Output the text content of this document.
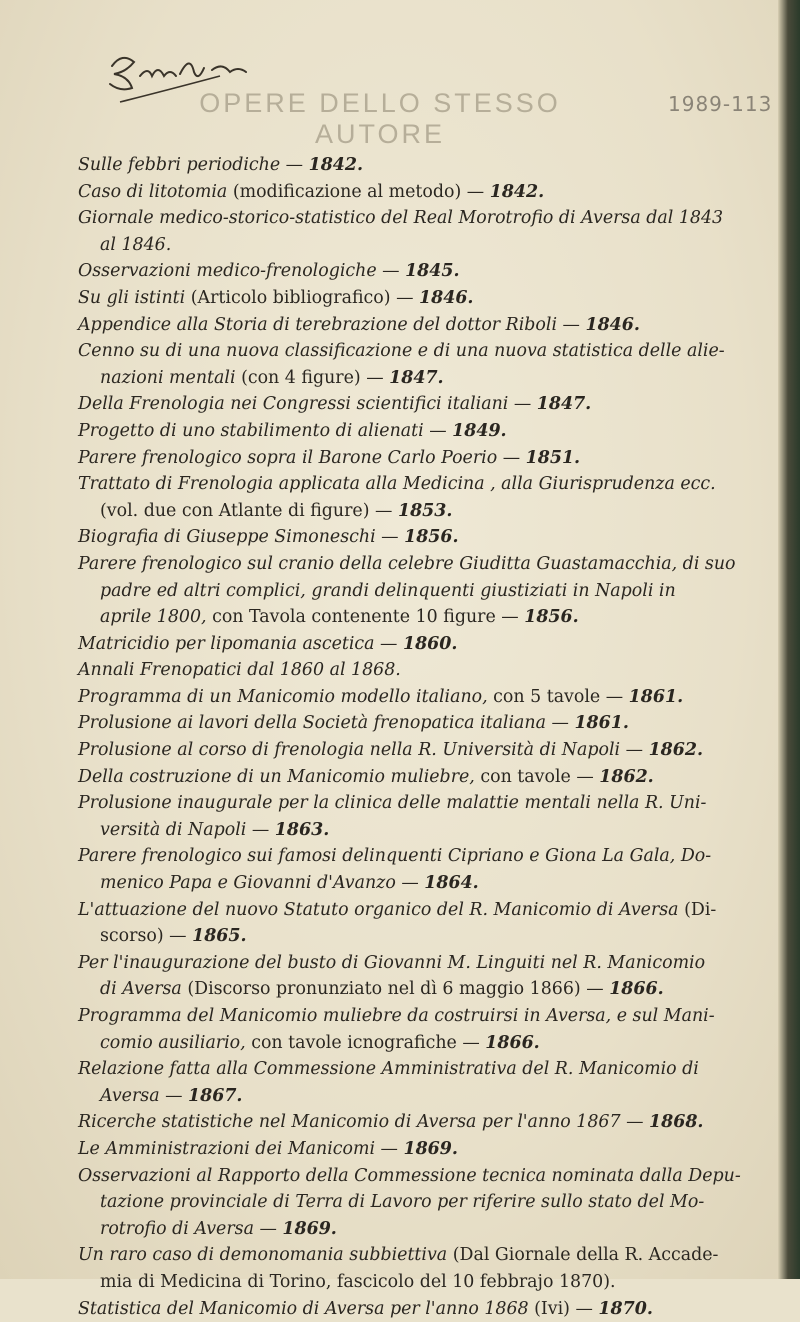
OPERE DELLO STESSO AUTORE
1989-113
Sulle febbri periodiche — 1842.
Caso di litotomia (modificazione al metodo) — 1842.
Giornale medico-storico-statistico del Real Morotrofio di Aversa dal 1843
al 1846.
Osservazioni medico-frenologiche — 1845.
Su gli istinti (Articolo bibliografico) — 1846.
Appendice alla Storia di terebrazione del dottor Riboli — 1846.
Cenno su di una nuova classificazione e di una nuova statistica delle alie-
nazioni mentali (con 4 figure) — 1847.
Della Frenologia nei Congressi scientifici italiani — 1847.
Progetto di uno stabilimento di alienati — 1849.
Parere frenologico sopra il Barone Carlo Poerio — 1851.
Trattato di Frenologia applicata alla Medicina , alla Giurisprudenza ecc.
(vol. due con Atlante di figure) — 1853.
Biografia di Giuseppe Simoneschi — 1856.
Parere frenologico sul cranio della celebre Giuditta Guastamacchia, di suo
padre ed altri complici, grandi delinquenti giustiziati in Napoli in
aprile 1800, con Tavola contenente 10 figure — 1856.
Matricidio per lipomania ascetica — 1860.
Annali Frenopatici dal 1860 al 1868.
Programma di un Manicomio modello italiano, con 5 tavole — 1861.
Prolusione ai lavori della Società frenopatica italiana — 1861.
Prolusione al corso di frenologia nella R. Università di Napoli — 1862.
Della costruzione di un Manicomio muliebre, con tavole — 1862.
Prolusione inaugurale per la clinica delle malattie mentali nella R. Uni-
versità di Napoli — 1863.
Parere frenologico sui famosi delinquenti Cipriano e Giona La Gala, Do-
menico Papa e Giovanni d'Avanzo — 1864.
L'attuazione del nuovo Statuto organico del R. Manicomio di Aversa (Di-
scorso) — 1865.
Per l'inaugurazione del busto di Giovanni M. Linguiti nel R. Manicomio
di Aversa (Discorso pronunziato nel dì 6 maggio 1866) — 1866.
Programma del Manicomio muliebre da costruirsi in Aversa, e sul Mani-
comio ausiliario, con tavole icnografiche — 1866.
Relazione fatta alla Commessione Amministrativa del R. Manicomio di
Aversa — 1867.
Ricerche statistiche nel Manicomio di Aversa per l'anno 1867 — 1868.
Le Amministrazioni dei Manicomi — 1869.
Osservazioni al Rapporto della Commessione tecnica nominata dalla Depu-
tazione provinciale di Terra di Lavoro per riferire sullo stato del Mo-
rotrofio di Aversa — 1869.
Un raro caso di demonomania subbiettiva (Dal Giornale della R. Accade-
mia di Medicina di Torino, fascicolo del 10 febbrajo 1870).
Statistica del Manicomio di Aversa per l'anno 1868 (Ivi) — 1870.
